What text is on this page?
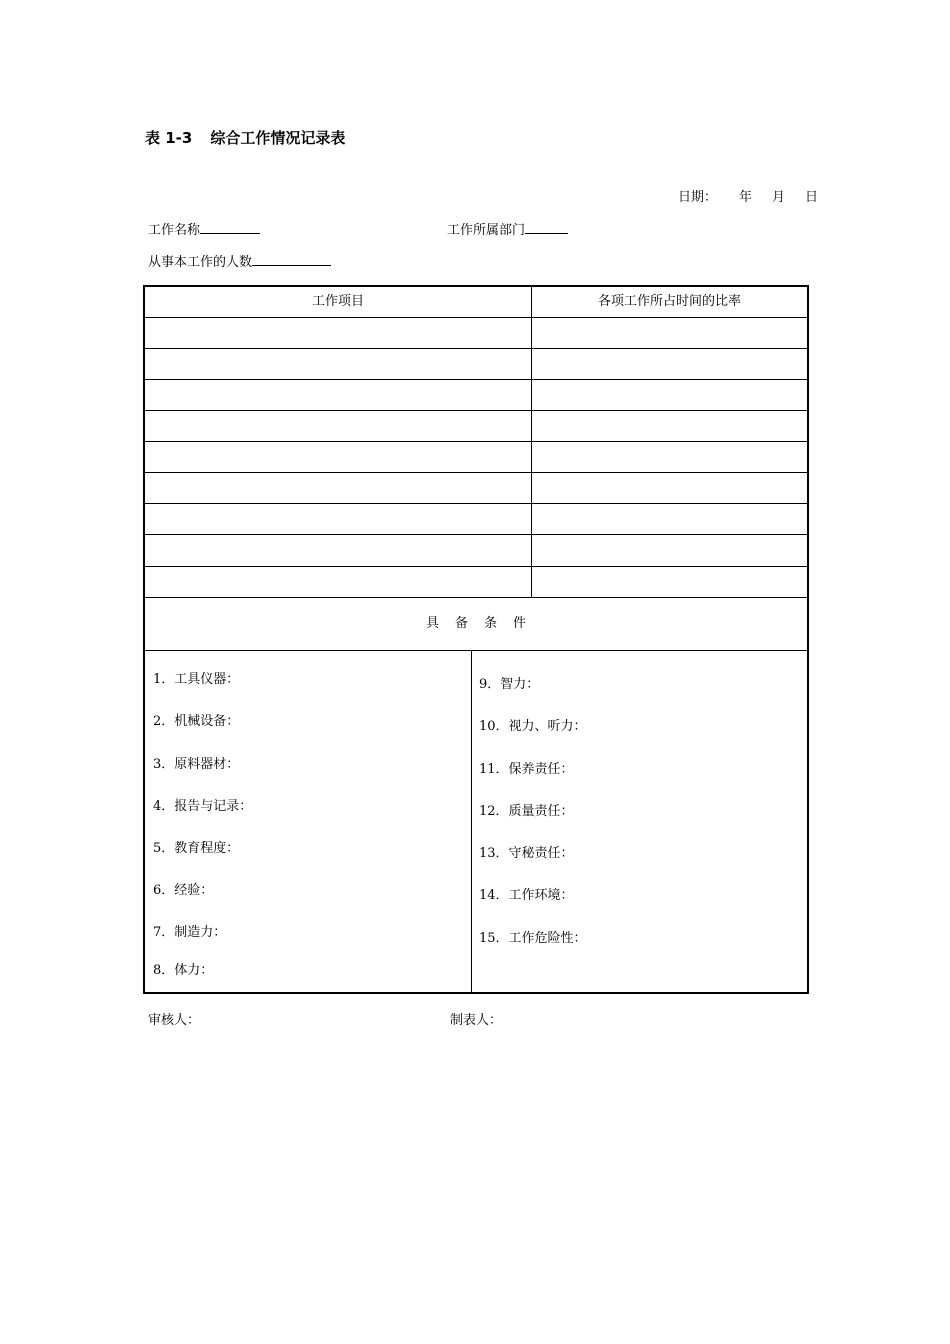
表 1-3 综合工作情况记录表
日期： 年 月 日
工作名称	工作所属部门
从事本工作的人数
工作项目	各项工作所占时间的比率
具 备 条 件
1．工具仪器：
2．机械设备：
3．原料器材：
4．报告与记录：
5．教育程度：
6．经验：
7．制造力：
8．体力：
9．智力：
10．视力、听力：
11．保养责任：
12．质量责任：
13．守秘责任：
14．工作环境：
15．工作危险性：
审核人：	制表人：
